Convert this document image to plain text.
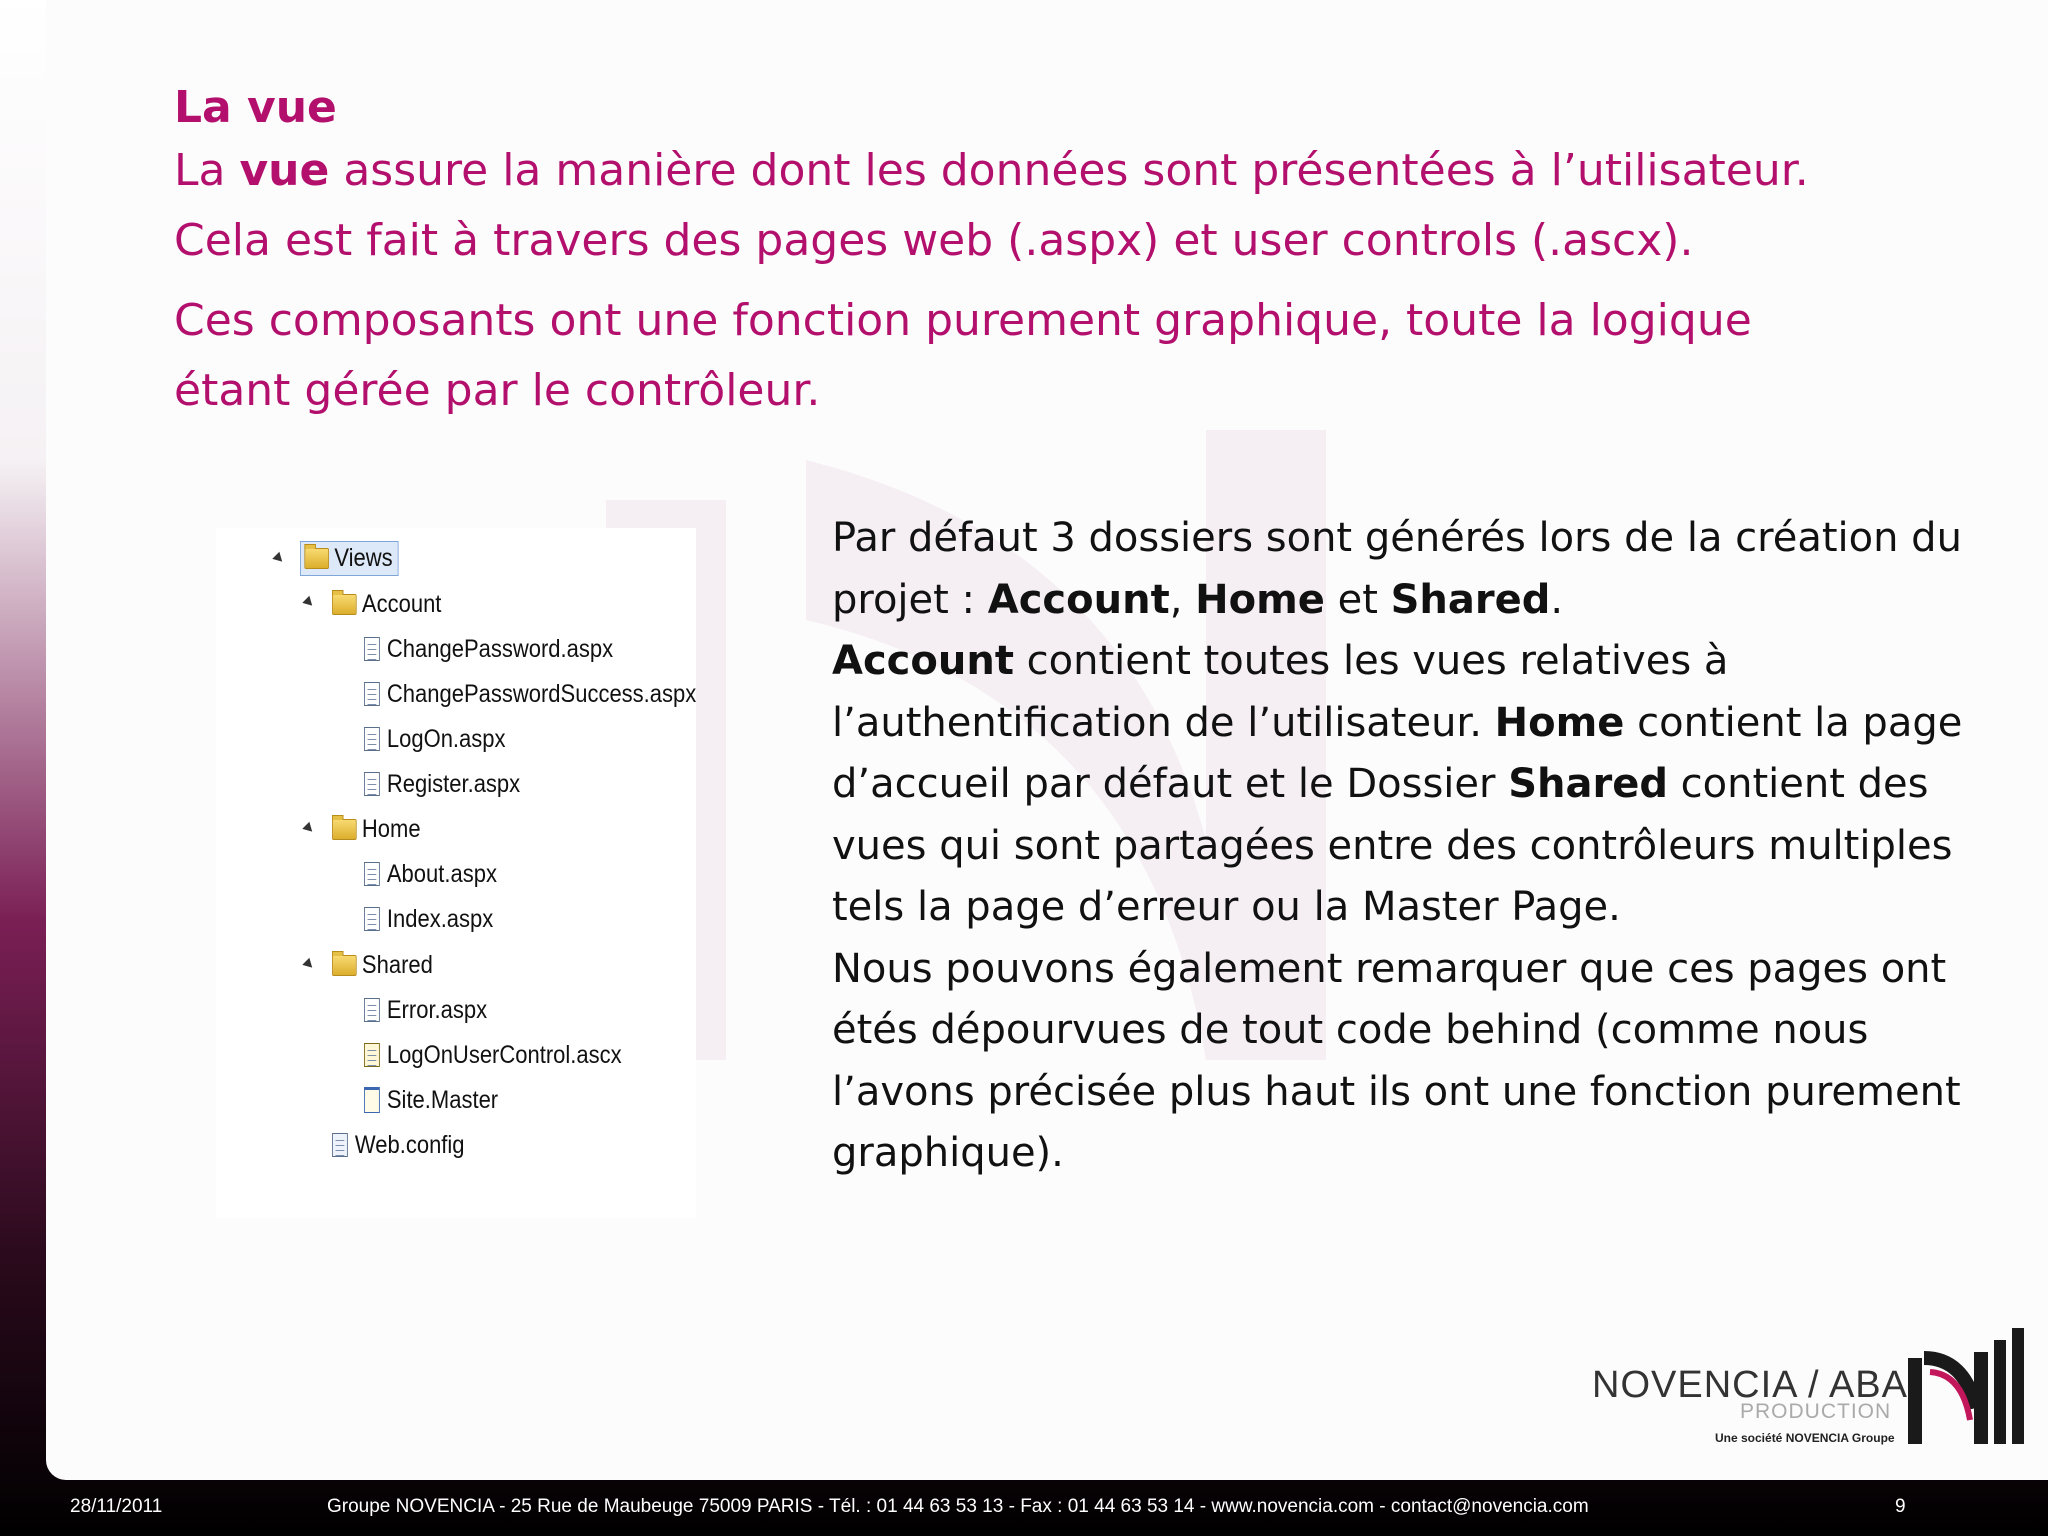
La vue

La vue assure la manière dont les données sont présentées à l’utilisateur.

Cela est fait à travers des pages web (.aspx) et user controls (.ascx).

Ces composants ont une fonction purement graphique, toute la logique

étant gérée par le contrôleur.

Views
Account
ChangePassword.aspx
ChangePasswordSuccess.aspx
LogOn.aspx
Register.aspx
Home
About.aspx
Index.aspx
Shared
Error.aspx
LogOnUserControl.ascx
Site.Master
Web.config

Par défaut 3 dossiers sont générés lors de la création du

projet : Account, Home et Shared.

Account contient toutes les vues relatives à

l’authentification de l’utilisateur. Home contient la page

d’accueil par défaut et le Dossier Shared contient des

vues qui sont partagées entre des contrôleurs multiples

tels la page d’erreur ou la Master Page.

Nous pouvons également remarquer que ces pages ont

étés dépourvues de tout code behind (comme nous

l’avons précisée plus haut ils ont une fonction purement

graphique).

NOVENCIA / ABA
PRODUCTION
Une société NOVENCIA Groupe
28/11/2011	Groupe NOVENCIA - 25 Rue de Maubeuge 75009 PARIS - Tél. : 01 44 63 53 13 - Fax : 01 44 63 53 14 - www.novencia.com - contact@novencia.com	9
